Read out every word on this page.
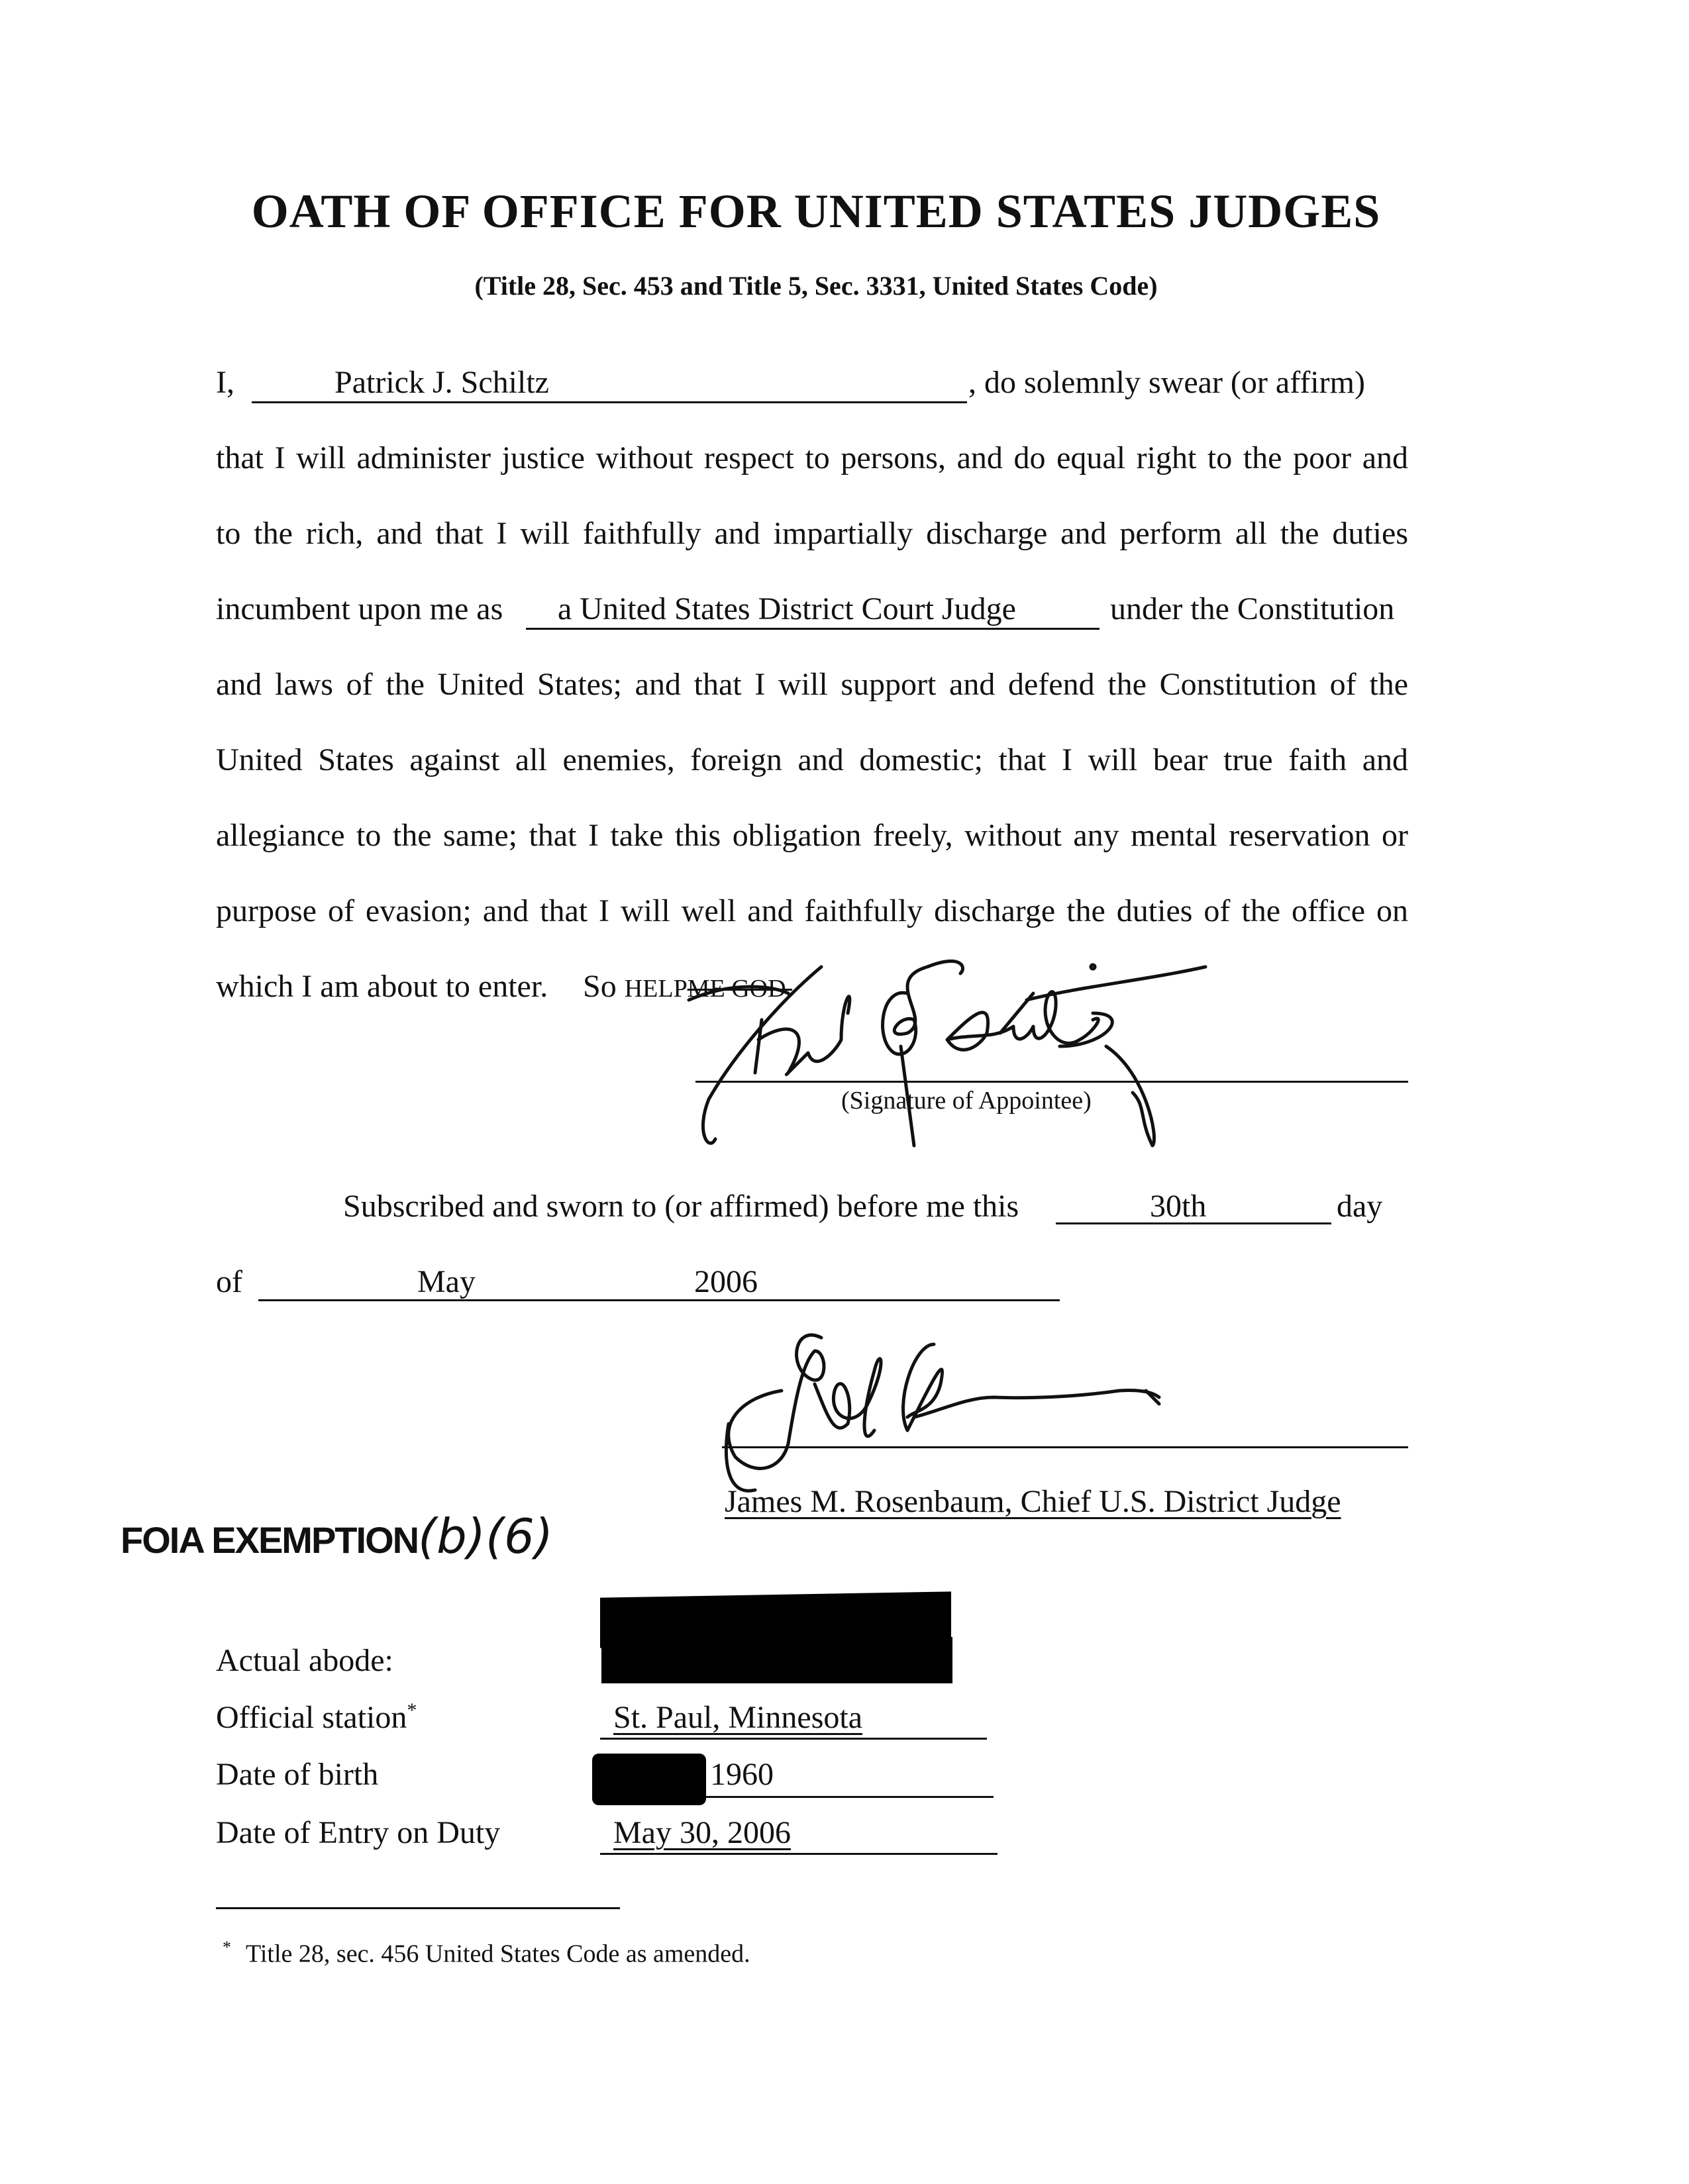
OATH OF OFFICE FOR UNITED STATES JUDGES
(Title 28, Sec. 453 and Title 5, Sec. 3331, United States Code)
I,	Patrick J. Schiltz	, do solemnly swear (or affirm)
that I will administer justice without respect to persons, and do equal right to the poor and
to the rich, and that I will faithfully and impartially discharge and perform all the duties
incumbent upon me as a United States District Court Judge	under the Constitution
and laws of the United States; and that I will support and defend the Constitution of the
United States against all enemies, foreign and domestic; that I will bear true faith and
allegiance to the same; that I take this obligation freely, without any mental reservation or
purpose of evasion; and that I will well and faithfully discharge the duties of the office on
which I am about to enter. So HELPME GOD.
(Signature of Appointee)
Subscribed and sworn to (or affirmed) before me this	30th	day
of	May	2006
James M. Rosenbaum, Chief U.S. District Judge
FOIA EXEMPTION(b)(6)
Actual abode:
Official station*	St. Paul, Minnesota
Date of birth	1960
Date of Entry on Duty	May 30, 2006
* Title 28, sec. 456 United States Code as amended.
